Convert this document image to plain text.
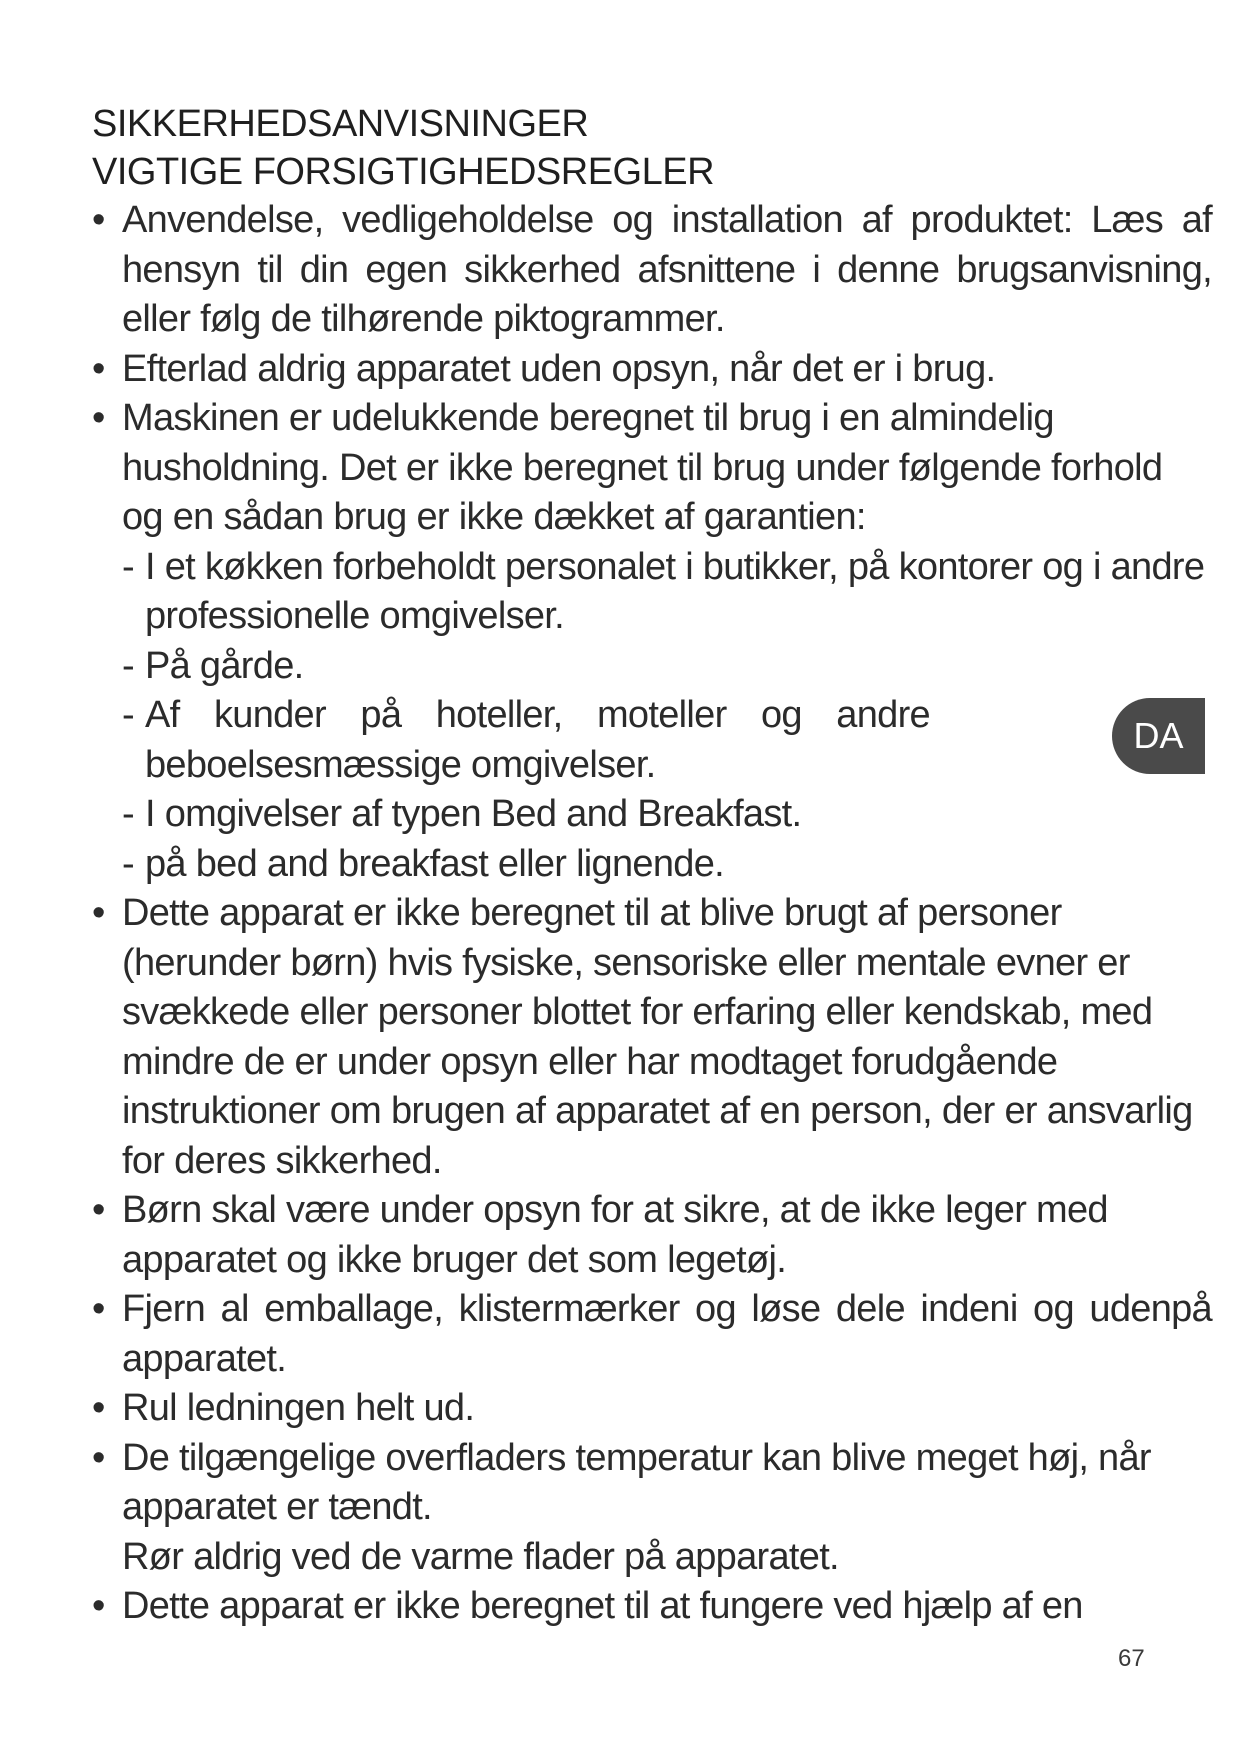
SIKKERHEDSANVISNINGER
VIGTIGE FORSIGTIGHEDSREGLER
• Anvendelse, vedligeholdelse og installation af produktet: Læs af hensyn til din egen sikkerhed afsnittene i denne brugsanvisning, eller følg de tilhørende piktogrammer.
• Efterlad aldrig apparatet uden opsyn, når det er i brug.
• Maskinen er udelukkende beregnet til brug i en almindelig husholdning. Det er ikke beregnet til brug under følgende forhold og en sådan brug er ikke dækket af garantien:
- I et køkken forbeholdt personalet i butikker, på kontorer og i andre professionelle omgivelser.
- På gårde.
- Af kunder på hoteller, moteller og andre beboelsesmæssige omgivelser.
- I omgivelser af typen Bed and Breakfast.
- på bed and breakfast eller lignende.
• Dette apparat er ikke beregnet til at blive brugt af personer (herunder børn) hvis fysiske, sensoriske eller mentale evner er svækkede eller personer blottet for erfaring eller kendskab, med mindre de er under opsyn eller har modtaget forudgående instruktioner om brugen af apparatet af en person, der er ansvarlig for deres sikkerhed.
• Børn skal være under opsyn for at sikre, at de ikke leger med apparatet og ikke bruger det som legetøj.
• Fjern al emballage, klistermærker og løse dele indeni og udenpå apparatet.
• Rul ledningen helt ud.
• De tilgængelige overfladers temperatur kan blive meget høj, når apparatet er tændt.
Rør aldrig ved de varme flader på apparatet.
• Dette apparat er ikke beregnet til at fungere ved hjælp af en
DA
67
